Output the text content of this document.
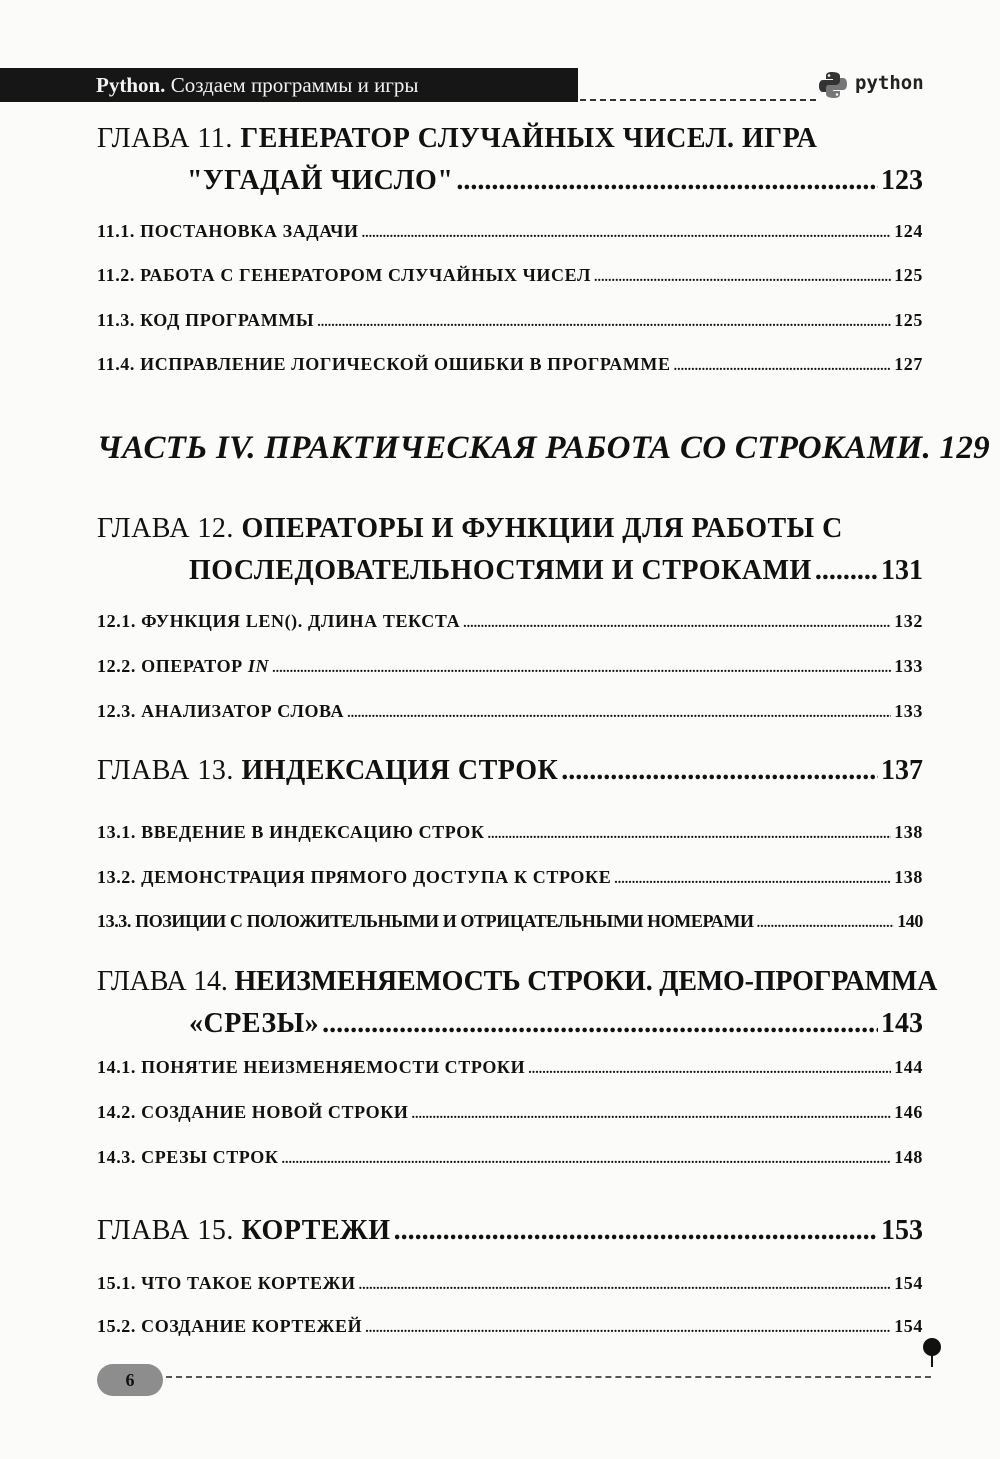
Python. Создаем программы и игры	python
ГЛАВА 11. ГЕНЕРАТОР СЛУЧАЙНЫХ ЧИСЕЛ. ИГРА
"УГАДАЙ ЧИСЛО" .....	123
11.1. ПОСТАНОВКА ЗАДАЧИ .....	124
11.2. РАБОТА С ГЕНЕРАТОРОМ СЛУЧАЙНЫХ ЧИСЕЛ .....	125
11.3. КОД ПРОГРАММЫ .....	125
11.4. ИСПРАВЛЕНИЕ ЛОГИЧЕСКОЙ ОШИБКИ В ПРОГРАММЕ .....	127
ЧАСТЬ IV. ПРАКТИЧЕСКАЯ РАБОТА СО СТРОКАМИ. 129
ГЛАВА 12. ОПЕРАТОРЫ И ФУНКЦИИ ДЛЯ РАБОТЫ С
ПОСЛЕДОВАТЕЛЬНОСТЯМИ И СТРОКАМИ ..... 131
12.1. ФУНКЦИЯ LEN(). ДЛИНА ТЕКСТА .....	132
12.2. ОПЕРАТОР IN .....	133
12.3. АНАЛИЗАТОР СЛОВА .....	133
ГЛАВА 13. ИНДЕКСАЦИЯ СТРОК .....	137
13.1. ВВЕДЕНИЕ В ИНДЕКСАЦИЮ СТРОК .....	138
13.2. ДЕМОНСТРАЦИЯ ПРЯМОГО ДОСТУПА К СТРОКЕ .....	138
13.3. ПОЗИЦИИ С ПОЛОЖИТЕЛЬНЫМИ И ОТРИЦАТЕЛЬНЫМИ НОМЕРАМИ .....	140
ГЛАВА 14. НЕИЗМЕНЯЕМОСТЬ СТРОКИ. ДЕМО-ПРОГРАММА
«СРЕЗЫ» .....	143
14.1. ПОНЯТИЕ НЕИЗМЕНЯЕМОСТИ СТРОКИ .....	144
14.2. СОЗДАНИЕ НОВОЙ СТРОКИ .....	146
14.3. СРЕЗЫ СТРОК .....	148
ГЛАВА 15. КОРТЕЖИ .....	153
15.1. ЧТО ТАКОЕ КОРТЕЖИ .....	154
15.2. СОЗДАНИЕ КОРТЕЖЕЙ .....	154
6
